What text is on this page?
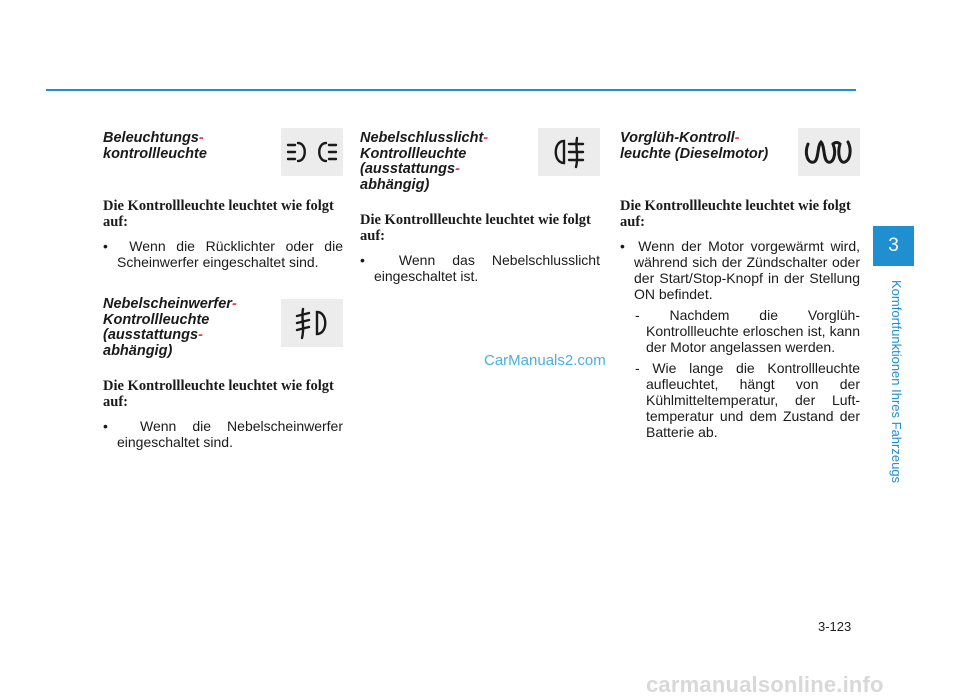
Beleuchtungs-
kontrollleuchte
Die Kontrollleuchte leuchtet wie folgt auf:

•  Wenn die Rücklichter oder die Scheinwerfer eingeschaltet sind.

Nebelscheinwerfer-
Kontrollleuchte
(ausstattungs-
abhängig)
Die Kontrollleuchte leuchtet wie folgt auf:

•  Wenn die Nebelscheinwerfer eingeschaltet sind.

Nebelschlusslicht-
Kontrollleuchte
(ausstattungs-
abhängig)
Die Kontrollleuchte leuchtet wie folgt auf:

•  Wenn das Nebelschlusslicht eingeschaltet ist.

Vorglüh-Kontroll-
leuchte (Dieselmotor)
Die Kontrollleuchte leuchtet wie folgt auf:

•  Wenn der Motor vorgewärmt wird, während sich der Zündschalter oder der Start/Stop-Knopf in der Stellung ON befindet.

- Nachdem die Vorglüh-Kontrollleuchte erloschen ist, kann der Motor angelassen werden.

- Wie lange die Kontrollleuchte aufleuchtet, hängt von der Kühlmitteltemperatur, der Luft-temperatur und dem Zustand der Batterie ab.

CarManuals2.com
3
Komfortfunktionen Ihres Fahrzeugs
3-123
carmanualsonline.info
